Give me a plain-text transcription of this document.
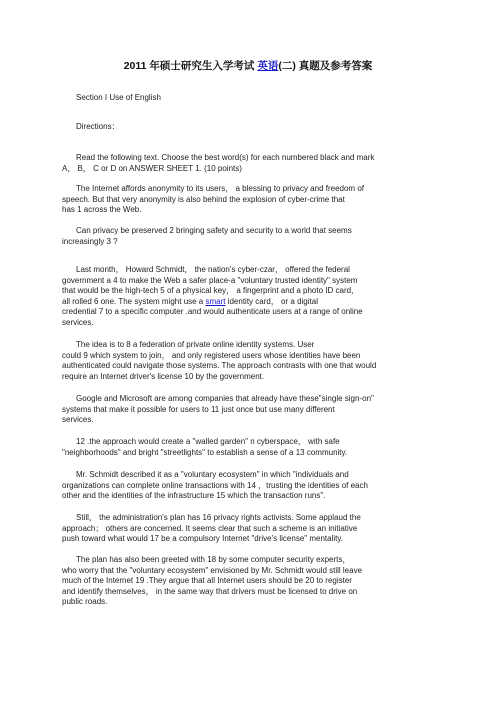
2011 年硕士研究生入学考试 英语(二) 真题及参考答案
Section I Use of English
Directions：
Read the following text. Choose the best word(s) for each numbered black and mark
A， B， C or D on ANSWER SHEET 1. (10 points)
The Internet affords anonymity to its users， a blessing to privacy and freedom of
speech. But that very anonymity is also behind the explosion of cyber-crime that
has 1 across the Web.
Can privacy be preserved 2 bringing safety and security to a world that seems
increasingly 3 ?
Last month， Howard Schmidt， the nation's cyber-czar， offered the federal
government a 4 to make the Web a safer place-a "voluntary trusted identity" system
that would be the high-tech 5 of a physical key， a fingerprint and a photo ID card，
all rolled 6 one. The system might use a smart identity card， or a digital
credential 7 to a specific computer .and would authenticate users at a range of online
services.
The idea is to 8 a federation of private online identity systems. User
could 9 which system to join， and only registered users whose identities have been
authenticated could navigate those systems. The approach contrasts with one that would
require an Internet driver's license 10 by the government.
Google and Microsoft are among companies that already have these"single sign-on"
systems that make it possible for users to 11 just once but use many different
services.
12 .the approach would create a "walled garden" n cyberspace， with safe
"neighborhoods" and bright "streetlights" to establish a sense of a 13 community.
Mr. Schmidt described it as a "voluntary ecosystem" in which "individuals and
organizations can complete online transactions with 14 ，trusting the identities of each
other and the identities of the infrastructure 15 which the transaction runs".
Still， the administration's plan has 16 privacy rights activists. Some applaud the
approach； others are concerned. It seems clear that such a scheme is an initiative
push toward what would 17 be a compulsory Internet "drive's license" mentality.
The plan has also been greeted with 18 by some computer security experts，
who worry that the "voluntary ecosystem" envisioned by Mr. Schmidt would still leave
much of the Internet 19 .They argue that all Internet users should be 20 to register
and identify themselves， in the same way that drivers must be licensed to drive on
public roads.
